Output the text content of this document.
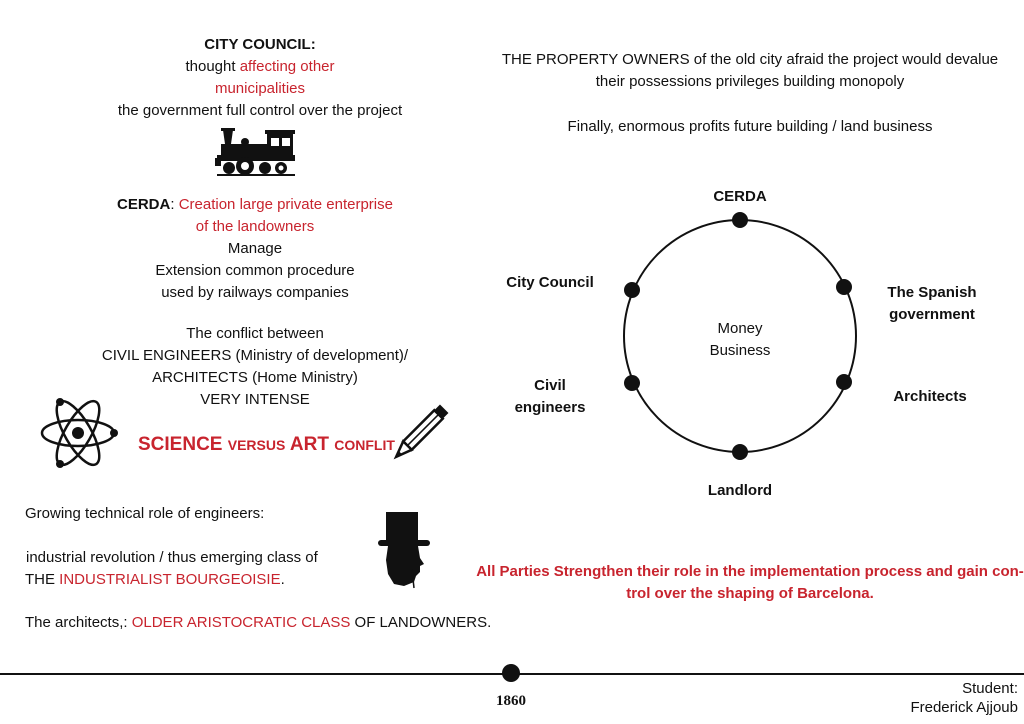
CITY COUNCIL:
thought affecting other
municipalities
the government full control over the project
CERDA: Creation large private enterprise
of the landowners
Manage
Extension common procedure
used by railways companies
The conflict between
CIVIL ENGINEERS (Ministry of development)/
ARCHITECTS (Home Ministry)
VERY INTENSE
SCIENCE VERSUS ART CONFLIT
Growing technical role of engineers:
industrial revolution / thus emerging class of
THE INDUSTRIALIST BOURGEOISIE.
The architects,: OLDER ARISTOCRATIC CLASS OF LANDOWNERS.
THE PROPERTY OWNERS of the old city afraid the project would devalue
their possessions privileges building monopoly
Finally, enormous profits future building / land business
Money
Business
CERDA
City Council
The Spanish
government
Civil
engineers
Architects
Landlord
All Parties Strengthen their role in the implementation process and gain con-
trol over the shaping of Barcelona.
1860
Student:
Frederick Ajjoub
